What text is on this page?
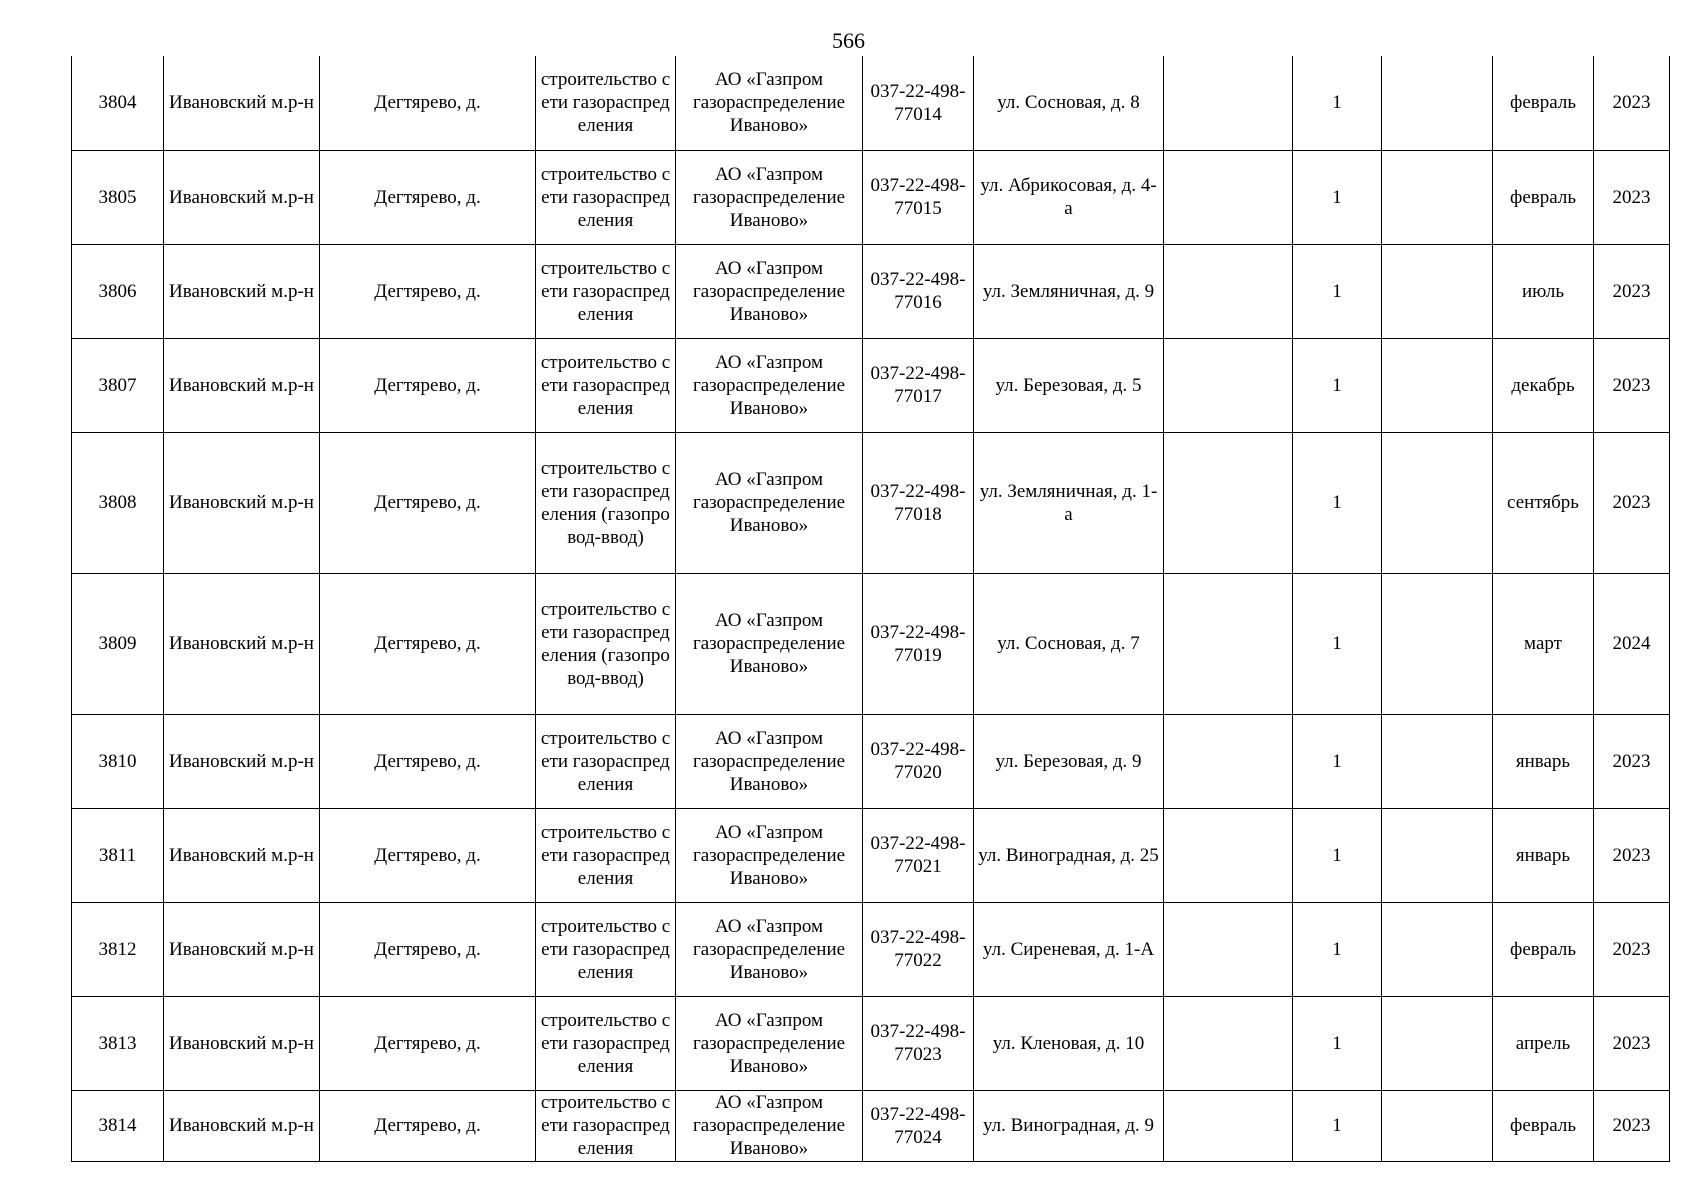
566
3804	Ивановский м.р-н	Дегтярево, д.	строительство сети газораспределения	АО «Газпром газораспределение Иваново»	037-22-498-77014	ул. Сосновая, д. 8		1		февраль	2023
3805	Ивановский м.р-н	Дегтярево, д.	строительство сети газораспределения	АО «Газпром газораспределение Иваново»	037-22-498-77015	ул. Абрикосовая, д. 4-а		1		февраль	2023
3806	Ивановский м.р-н	Дегтярево, д.	строительство сети газораспределения	АО «Газпром газораспределение Иваново»	037-22-498-77016	ул. Земляничная, д. 9		1		июль	2023
3807	Ивановский м.р-н	Дегтярево, д.	строительство сети газораспределения	АО «Газпром газораспределение Иваново»	037-22-498-77017	ул. Березовая, д. 5		1		декабрь	2023
3808	Ивановский м.р-н	Дегтярево, д.	строительство сети газораспределения (газопровод-ввод)	АО «Газпром газораспределение Иваново»	037-22-498-77018	ул. Земляничная, д. 1-а		1		сентябрь	2023
3809	Ивановский м.р-н	Дегтярево, д.	строительство сети газораспределения (газопровод-ввод)	АО «Газпром газораспределение Иваново»	037-22-498-77019	ул. Сосновая, д. 7		1		март	2024
3810	Ивановский м.р-н	Дегтярево, д.	строительство сети газораспределения	АО «Газпром газораспределение Иваново»	037-22-498-77020	ул. Березовая, д. 9		1		январь	2023
3811	Ивановский м.р-н	Дегтярево, д.	строительство сети газораспределения	АО «Газпром газораспределение Иваново»	037-22-498-77021	ул. Виноградная, д. 25		1		январь	2023
3812	Ивановский м.р-н	Дегтярево, д.	строительство сети газораспределения	АО «Газпром газораспределение Иваново»	037-22-498-77022	ул. Сиреневая, д. 1-А		1		февраль	2023
3813	Ивановский м.р-н	Дегтярево, д.	строительство сети газораспределения	АО «Газпром газораспределение Иваново»	037-22-498-77023	ул. Кленовая, д. 10		1		апрель	2023
3814	Ивановский м.р-н	Дегтярево, д.	строительство сети газораспределения	АО «Газпром газораспределение Иваново»	037-22-498-77024	ул. Виноградная, д. 9		1		февраль	2023
